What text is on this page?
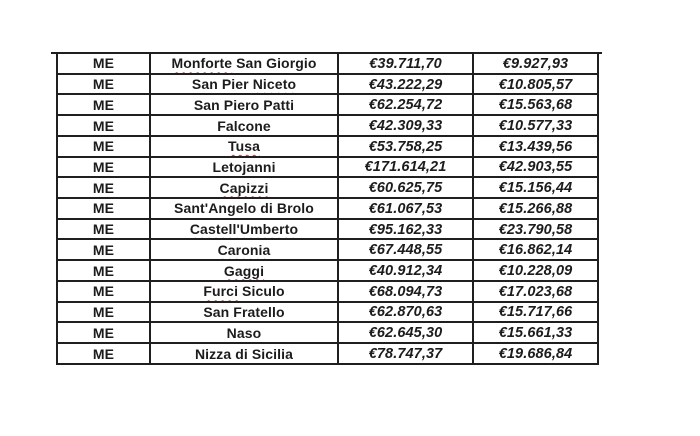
ME	Monforte San Giorgio	€39.711,70	€9.927,93
ME	San Pier Niceto	€43.222,29	€10.805,57
ME	San Piero Patti	€62.254,72	€15.563,68
ME	Falcone	€42.309,33	€10.577,33
ME	Tusa	€53.758,25	€13.439,56
ME	Letojanni	€171.614,21	€42.903,55
ME	Capizzi	€60.625,75	€15.156,44
ME	Sant'Angelo di Brolo	€61.067,53	€15.266,88
ME	Castell'Umberto	€95.162,33	€23.790,58
ME	Caronia	€67.448,55	€16.862,14
ME	Gaggi	€40.912,34	€10.228,09
ME	Furci Siculo	€68.094,73	€17.023,68
ME	San Fratello	€62.870,63	€15.717,66
ME	Naso	€62.645,30	€15.661,33
ME	Nizza di Sicilia	€78.747,37	€19.686,84
